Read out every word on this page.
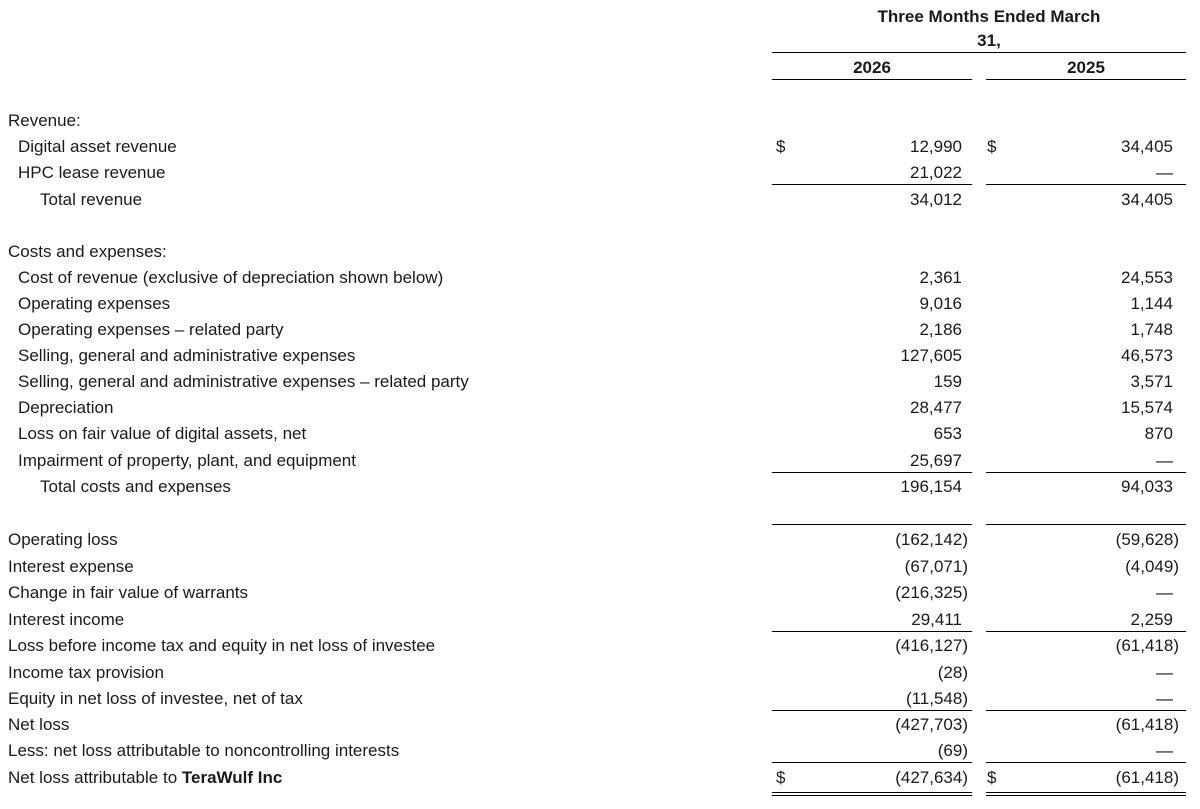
Three Months Ended March
31,
2026	2025
Revenue:
Digital asset revenue	$	12,990 $	34,405
HPC lease revenue	21,022	—
Total revenue	34,012	34,405
Costs and expenses:
Cost of revenue (exclusive of depreciation shown below)	2,361	24,553
Operating expenses	9,016	1,144
Operating expenses – related party	2,186	1,748
Selling, general and administrative expenses	127,605	46,573
Selling, general and administrative expenses – related party	159	3,571
Depreciation	28,477	15,574
Loss on fair value of digital assets, net	653	870
Impairment of property, plant, and equipment	25,697	—
Total costs and expenses	196,154	94,033
Operating loss	(162,142)	(59,628)
Interest expense	(67,071)	(4,049)
Change in fair value of warrants	(216,325)	—
Interest income	29,411	2,259
Loss before income tax and equity in net loss of investee	(416,127)	(61,418)
Income tax provision	(28)	—
Equity in net loss of investee, net of tax	(11,548)	—
Net loss	(427,703)	(61,418)
Less: net loss attributable to noncontrolling interests	(69)	—
Net loss attributable to TeraWulf Inc	$	(427,634) $	(61,418)
